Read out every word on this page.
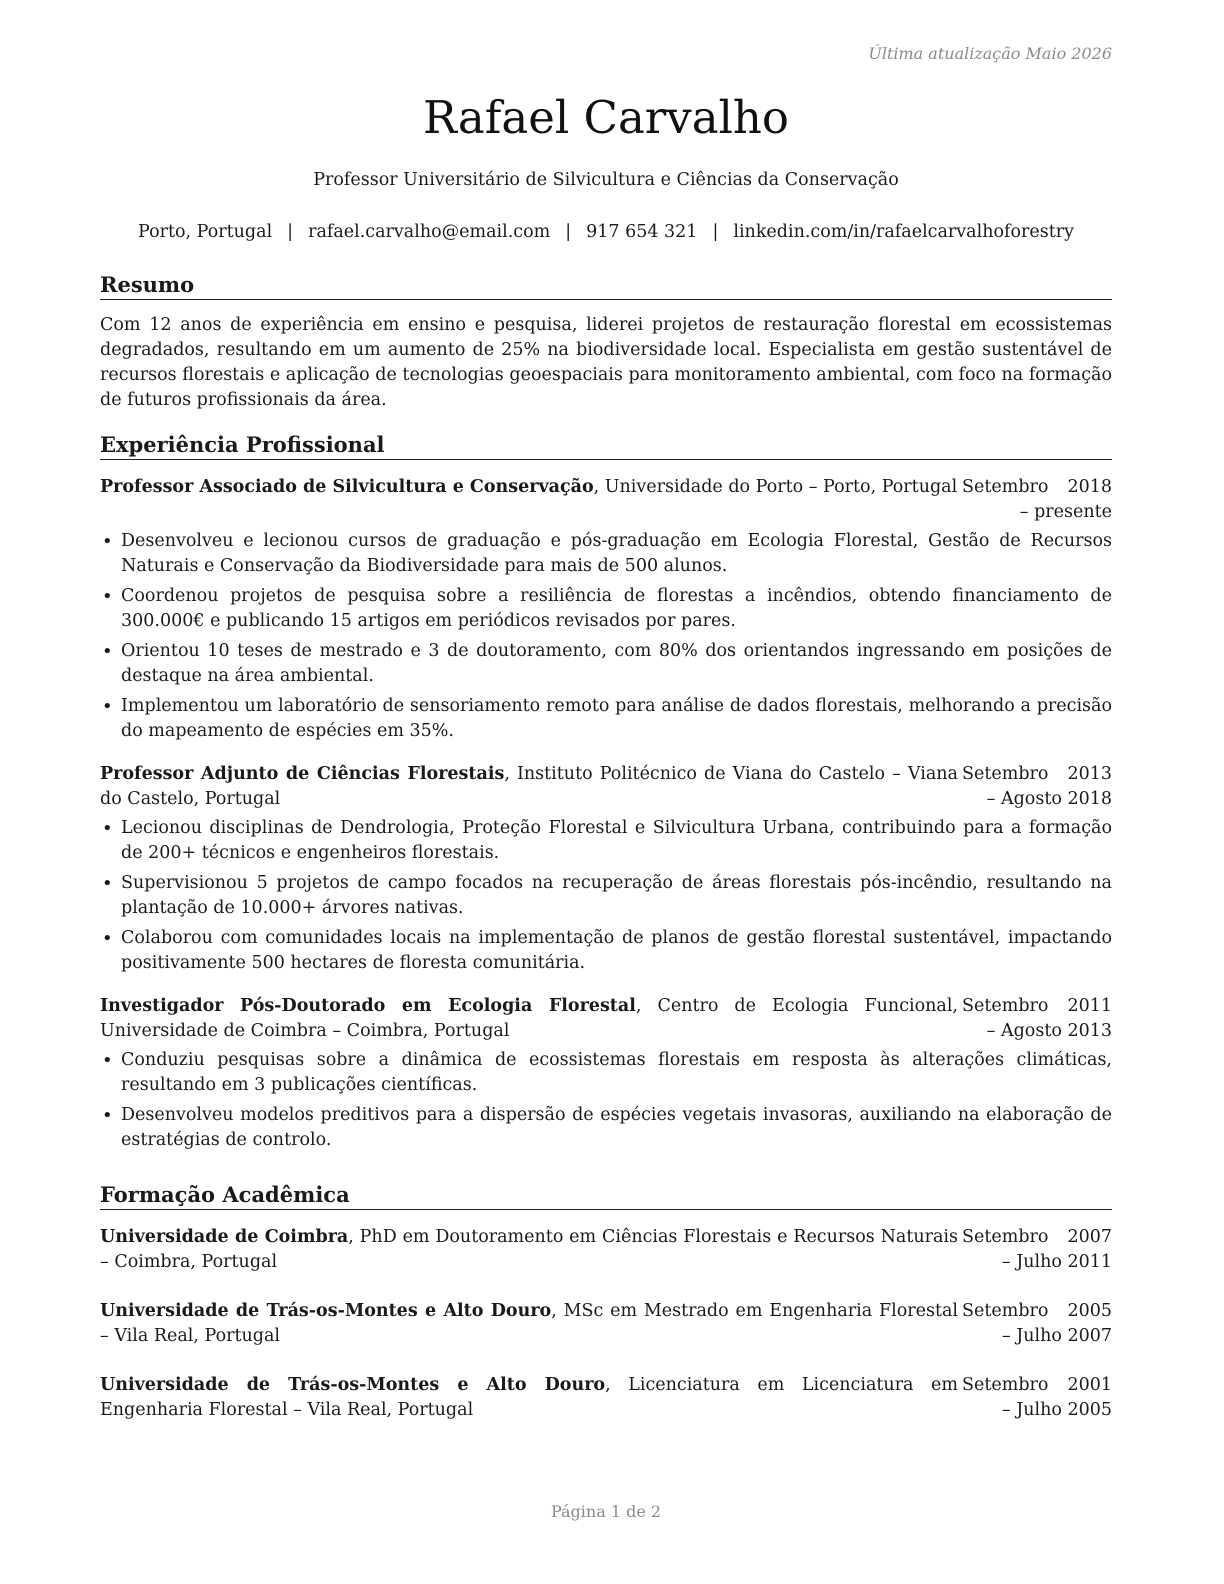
Última atualização Maio 2026
Rafael Carvalho
Professor Universitário de Silvicultura e Ciências da Conservação
Porto, Portugal | rafael.carvalho@email.com | 917 654 321 | linkedin.com/in/rafaelcarvalhoforestry
Resumo
Com 12 anos de experiência em ensino e pesquisa, liderei projetos de restauração florestal em ecossistemas degradados, resultando em um aumento de 25% na biodiversidade local. Especialista em gestão sustentável de recursos florestais e aplicação de tecnologias geoespaciais para monitoramento ambiental, com foco na formação de futuros profissionais da área.
Experiência Profissional
Professor Associado de Silvicultura e Conservação, Universidade do Porto – Porto, Portugal Setembro 2018 – presente
• Desenvolveu e lecionou cursos de graduação e pós-graduação em Ecologia Florestal, Gestão de Recursos Naturais e Conservação da Biodiversidade para mais de 500 alunos.
• Coordenou projetos de pesquisa sobre a resiliência de florestas a incêndios, obtendo financiamento de 300.000€ e publicando 15 artigos em periódicos revisados por pares.
• Orientou 10 teses de mestrado e 3 de doutoramento, com 80% dos orientandos ingressando em posições de destaque na área ambiental.
• Implementou um laboratório de sensoriamento remoto para análise de dados florestais, melhorando a precisão do mapeamento de espécies em 35%.
Professor Adjunto de Ciências Florestais, Instituto Politécnico de Viana do Castelo – Viana do Castelo, Portugal
Setembro 2013 – Agosto 2018
• Lecionou disciplinas de Dendrologia, Proteção Florestal e Silvicultura Urbana, contribuindo para a formação de 200+ técnicos e engenheiros florestais.
• Supervisionou 5 projetos de campo focados na recuperação de áreas florestais pós-incêndio, resultando na plantação de 10.000+ árvores nativas.
• Colaborou com comunidades locais na implementação de planos de gestão florestal sustentável, impactando positivamente 500 hectares de floresta comunitária.
Investigador Pós-Doutorado em Ecologia Florestal, Centro de Ecologia Funcional, Universidade de Coimbra – Coimbra, Portugal
Setembro 2011 – Agosto 2013
• Conduziu pesquisas sobre a dinâmica de ecossistemas florestais em resposta às alterações climáticas, resultando em 3 publicações científicas.
• Desenvolveu modelos preditivos para a dispersão de espécies vegetais invasoras, auxiliando na elaboração de estratégias de controlo.
Formação Acadêmica
Universidade de Coimbra, PhD em Doutoramento em Ciências Florestais e Recursos Naturais – Coimbra, Portugal
Setembro 2007 – Julho 2011
Universidade de Trás-os-Montes e Alto Douro, MSc em Mestrado em Engenharia Florestal – Vila Real, Portugal
Setembro 2005 – Julho 2007
Universidade de Trás-os-Montes e Alto Douro, Licenciatura em Licenciatura em Engenharia Florestal – Vila Real, Portugal
Setembro 2001 – Julho 2005
Página 1 de 2
